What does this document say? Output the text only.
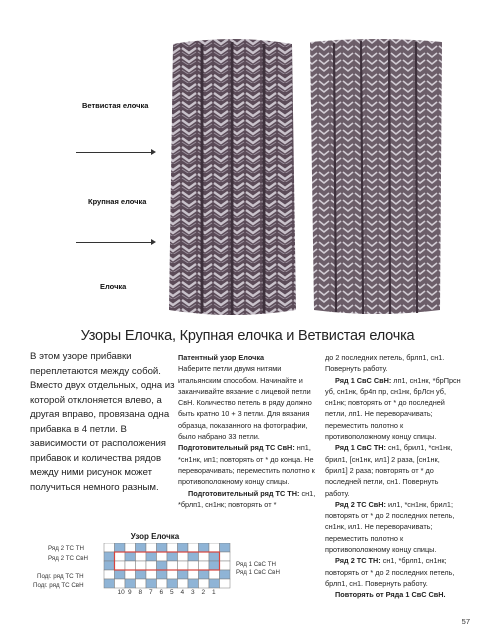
Ветвистая елочка
Крупная елочка
Елочка
Узоры Елочка, Крупная елочка и Ветвистая елочка
В этом узоре прибавки переплетаются между собой. Вместо двух отдельных, одна из которой отклоняется влево, а другая вправо, провязана одна прибавка в 4 петли. В зависимости от расположения прибавок и количества рядов между ними рисунок может получиться немного разным.

Патентный узор Елочка

Наберите петли двумя нитями итальянским способом. Начинайте и заканчивайте вязание с лицевой петли СвН. Количество петель в ряду должно быть кратно 10 + 3 петли. Для вязания образца, показанного на фотографии, было набрано 33 петли.

Подготовительный ряд ТС СвН: нп1, *сн1нк, ип1; повторять от * до конца. Не переворачивать; переместить полотно к противоположному концу спицы.

Подготовительный ряд ТС ТН: сн1, *брлп1, сн1нк; повторять от *

до 2 последних петель, брлп1, сн1. Повернуть работу.

Ряд 1 СвС СвН: лп1, сн1нк, *брПрсн уб, сн1нк, бр4п пр, сн1нк, брЛсн уб, сн1нк; повторять от * до последней петли, лп1. Не переворачивать; переместить полотно к противоположному концу спицы.

Ряд 1 СвС ТН: сн1, брил1, *сн1нк, брил1, [сн1нк, ил1] 2 раза, [сн1нк, брил1] 2 раза; повторять от * до последней петли, сн1. Повернуть работу.

Ряд 2 ТС СвН: ил1, *сн1нк, брил1; повторять от * до 2 последних петель, сн1нк, ил1. Не переворачивать; переместить полотно к противоположному концу спицы.

Ряд 2 ТС ТН: сн1, *брлп1, сн1нк; повторять от * до 2 последних петель, брлп1, сн1. Повернуть работу.

Повторять от Ряда 1 СвС СвН.

Узор Елочка
Ряд 2 ТС ТН
Ряд 2 ТС СвН
Подг. ряд ТС ТН
Подг. ряд ТС СвН
Ряд 1 СвС ТН
Ряд 1 СвС СвН
10 9 8 7 6 5 4 3 2 1
57
